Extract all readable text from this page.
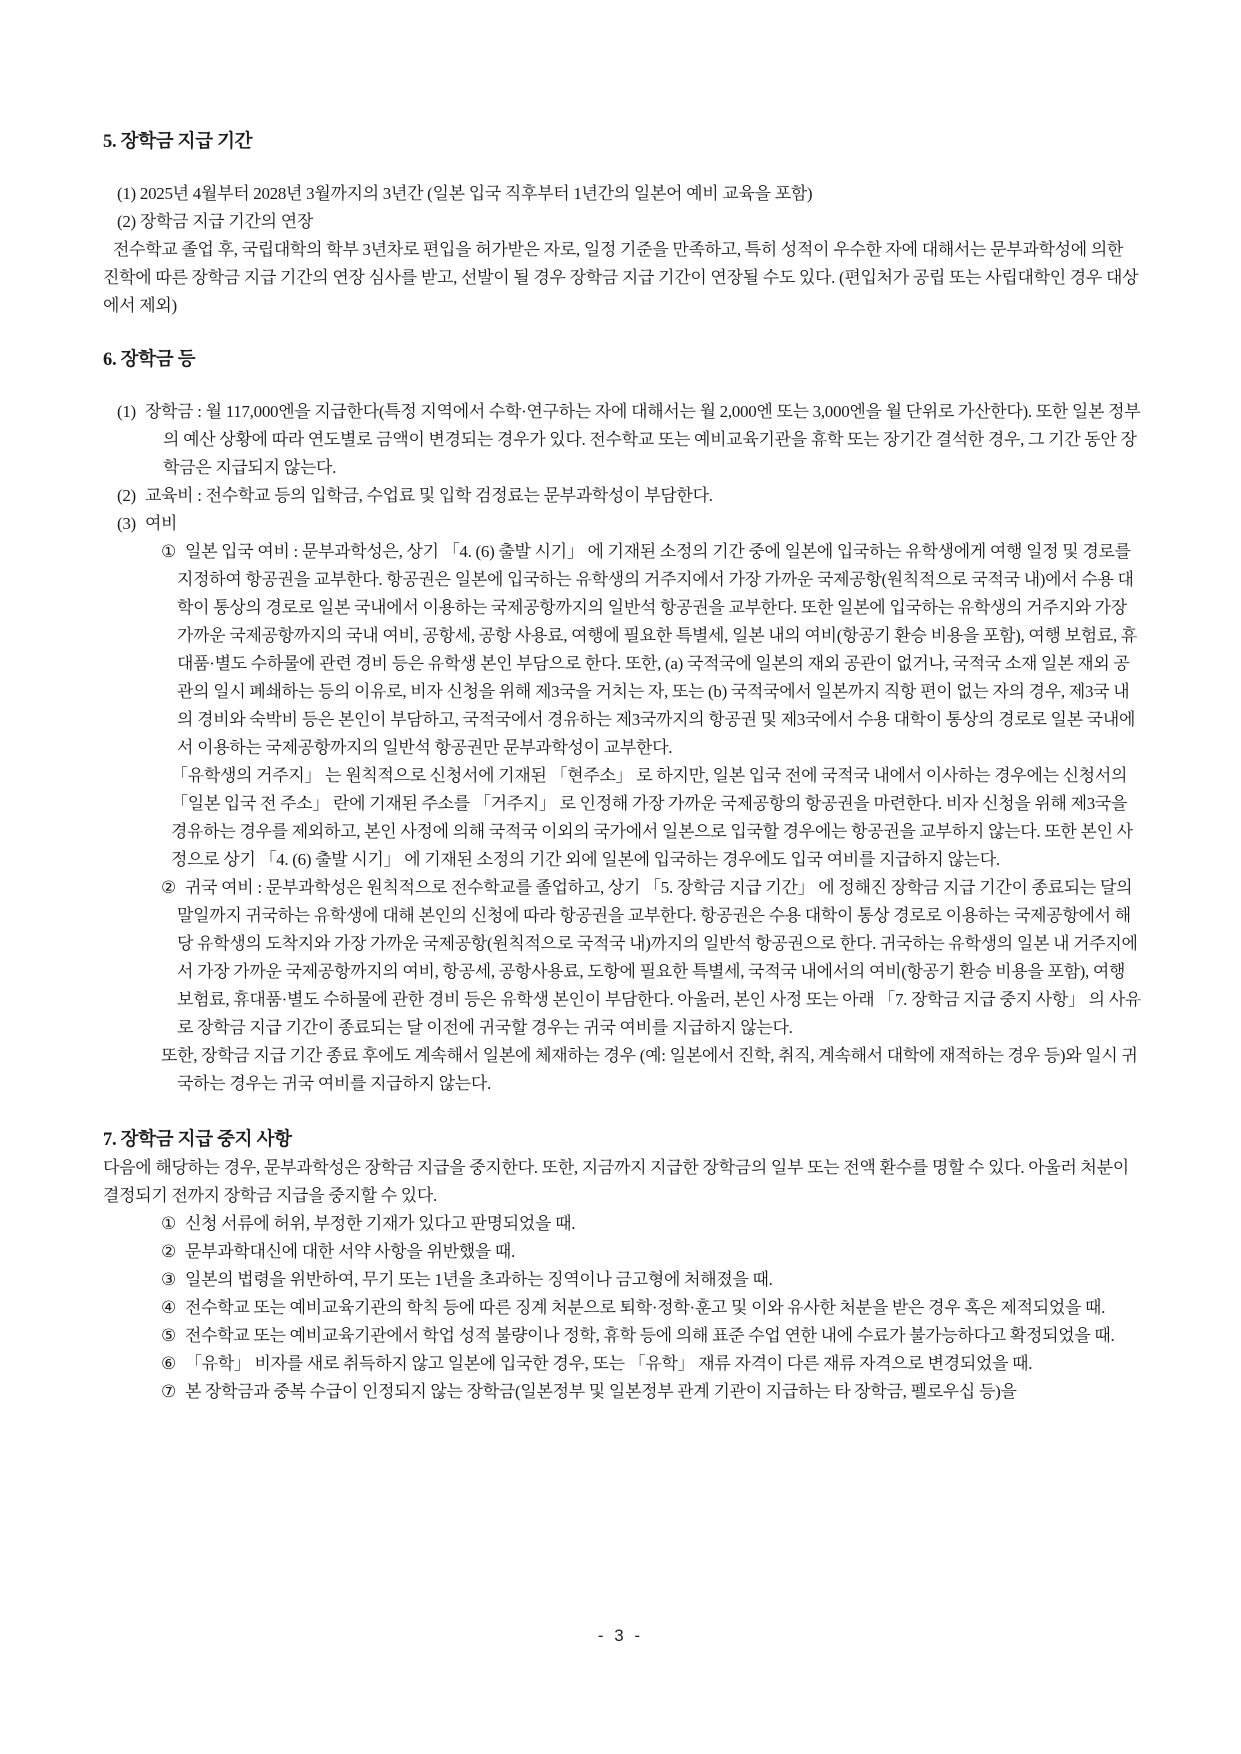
5. 장학금 지급 기간

(1) 2025년 4월부터 2028년 3월까지의 3년간 (일본 입국 직후부터 1년간의 일본어 예비 교육을 포함)

(2) 장학금 지급 기간의 연장

전수학교 졸업 후, 국립대학의 학부 3년차로 편입을 허가받은 자로, 일정 기준을 만족하고, 특히 성적이 우수한 자에 대해서는 문부과학성에 의한 진학에 따른 장학금 지급 기간의 연장 심사를 받고, 선발이 될 경우 장학금 지급 기간이 연장될 수도 있다. (편입처가 공립 또는 사립대학인 경우 대상에서 제외)

6. 장학금 등
(1) 장학금 : 월 117,000엔을 지급한다(특정 지역에서 수학·연구하는 자에 대해서는 월 2,000엔 또는 3,000엔을 월 단위로 가산한다). 또한 일본 정부의 예산 상황에 따라 연도별로 금액이 변경되는 경우가 있다. 전수학교 또는 예비교육기관을 휴학 또는 장기간 결석한 경우, 그 기간 동안 장학금은 지급되지 않는다.
(2) 교육비 : 전수학교 등의 입학금, 수업료 및 입학 검정료는 문부과학성이 부담한다.
(3) 여비
① 일본 입국 여비 : 문부과학성은, 상기 「4. (6) 출발 시기」 에 기재된 소정의 기간 중에 일본에 입국하는 유학생에게 여행 일정 및 경로를 지정하여 항공권을 교부한다. 항공권은 일본에 입국하는 유학생의 거주지에서 가장 가까운 국제공항(원칙적으로 국적국 내)에서 수용 대학이 통상의 경로로 일본 국내에서 이용하는 국제공항까지의 일반석 항공권을 교부한다. 또한 일본에 입국하는 유학생의 거주지와 가장 가까운 국제공항까지의 국내 여비, 공항세, 공항 사용료, 여행에 필요한 특별세, 일본 내의 여비(항공기 환승 비용을 포함), 여행 보험료, 휴대품·별도 수하물에 관련 경비 등은 유학생 본인 부담으로 한다. 또한, (a) 국적국에 일본의 재외 공관이 없거나, 국적국 소재 일본 재외 공관의 일시 폐쇄하는 등의 이유로, 비자 신청을 위해 제3국을 거치는 자, 또는 (b) 국적국에서 일본까지 직항 편이 없는 자의 경우, 제3국 내의 경비와 숙박비 등은 본인이 부담하고, 국적국에서 경유하는 제3국까지의 항공권 및 제3국에서 수용 대학이 통상의 경로로 일본 국내에서 이용하는 국제공항까지의 일반석 항공권만 문부과학성이 교부한다.
「유학생의 거주지」 는 원칙적으로 신청서에 기재된 「현주소」 로 하지만, 일본 입국 전에 국적국 내에서 이사하는 경우에는 신청서의 「일본 입국 전 주소」 란에 기재된 주소를 「거주지」 로 인정해 가장 가까운 국제공항의 항공권을 마련한다. 비자 신청을 위해 제3국을 경유하는 경우를 제외하고, 본인 사정에 의해 국적국 이외의 국가에서 일본으로 입국할 경우에는 항공권을 교부하지 않는다. 또한 본인 사정으로 상기 「4. (6) 출발 시기」 에 기재된 소정의 기간 외에 일본에 입국하는 경우에도 입국 여비를 지급하지 않는다.
② 귀국 여비 : 문부과학성은 원칙적으로 전수학교를 졸업하고, 상기 「5. 장학금 지급 기간」 에 정해진 장학금 지급 기간이 종료되는 달의 말일까지 귀국하는 유학생에 대해 본인의 신청에 따라 항공권을 교부한다. 항공권은 수용 대학이 통상 경로로 이용하는 국제공항에서 해당 유학생의 도착지와 가장 가까운 국제공항(원칙적으로 국적국 내)까지의 일반석 항공권으로 한다. 귀국하는 유학생의 일본 내 거주지에서 가장 가까운 국제공항까지의 여비, 항공세, 공항사용료, 도항에 필요한 특별세, 국적국 내에서의 여비(항공기 환승 비용을 포함), 여행 보험료, 휴대품·별도 수하물에 관한 경비 등은 유학생 본인이 부담한다. 아울러, 본인 사정 또는 아래 「7. 장학금 지급 중지 사항」 의 사유로 장학금 지급 기간이 종료되는 달 이전에 귀국할 경우는 귀국 여비를 지급하지 않는다.
또한, 장학금 지급 기간 종료 후에도 계속해서 일본에 체재하는 경우 (예: 일본에서 진학, 취직, 계속해서 대학에 재적하는 경우 등)와 일시 귀국하는 경우는 귀국 여비를 지급하지 않는다.
7. 장학금 지급 중지 사항

다음에 해당하는 경우, 문부과학성은 장학금 지급을 중지한다. 또한, 지금까지 지급한 장학금의 일부 또는 전액 환수를 명할 수 있다. 아울러 처분이 결정되기 전까지 장학금 지급을 중지할 수 있다.

① 신청 서류에 허위, 부정한 기재가 있다고 판명되었을 때.
② 문부과학대신에 대한 서약 사항을 위반했을 때.
③ 일본의 법령을 위반하여, 무기 또는 1년을 초과하는 징역이나 금고형에 처해졌을 때.
④ 전수학교 또는 예비교육기관의 학칙 등에 따른 징계 처분으로 퇴학·정학·훈고 및 이와 유사한 처분을 받은 경우 혹은 제적되었을 때.
⑤ 전수학교 또는 예비교육기관에서 학업 성적 불량이나 정학, 휴학 등에 의해 표준 수업 연한 내에 수료가 불가능하다고 확정되었을 때.
⑥ 「유학」 비자를 새로 취득하지 않고 일본에 입국한 경우, 또는 「유학」 재류 자격이 다른 재류 자격으로 변경되었을 때.
⑦ 본 장학금과 중복 수급이 인정되지 않는 장학금(일본정부 및 일본정부 관계 기관이 지급하는 타 장학금, 펠로우십 등)을
- 3 -
